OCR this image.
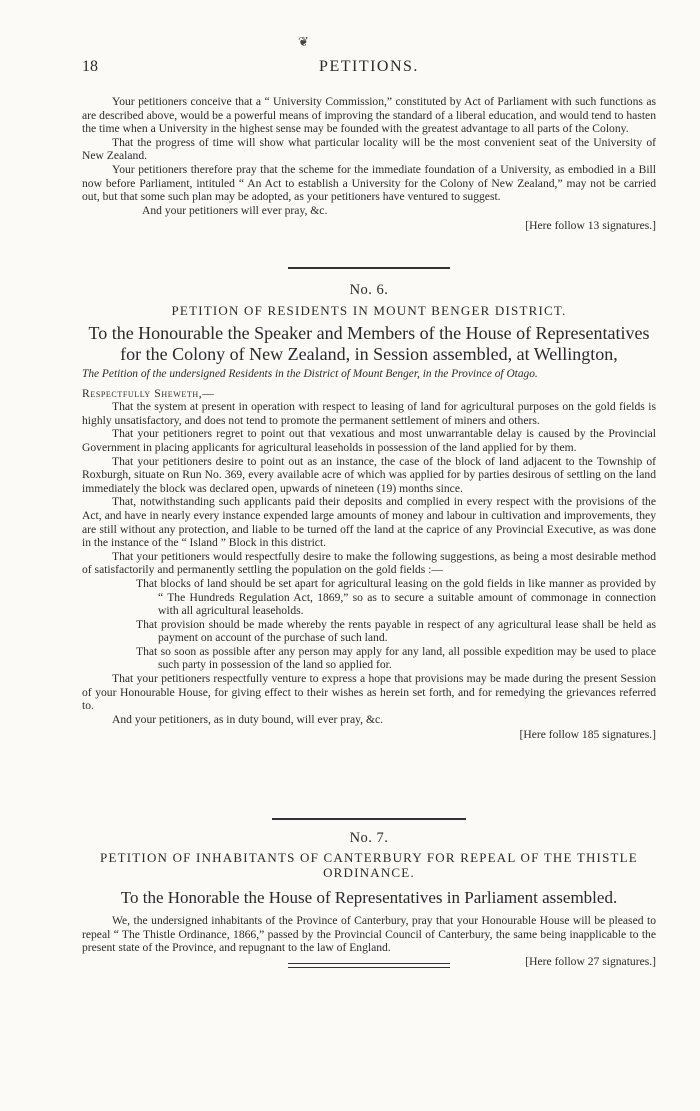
❦
18	PETITIONS.

Your petitioners conceive that a “ University Commission,” constituted by Act of Parliament with such functions as are described above, would be a powerful means of improving the standard of a liberal education, and would tend to hasten the time when a University in the highest sense may be founded with the greatest advantage to all parts of the Colony.

That the progress of time will show what particular locality will be the most convenient seat of the University of New Zealand.

Your petitioners therefore pray that the scheme for the immediate foundation of a University, as embodied in a Bill now before Parliament, intituled “ An Act to establish a University for the Colony of New Zealand,” may not be carried out, but that some such plan may be adopted, as your petitioners have ventured to suggest.

And your petitioners will ever pray, &c.

[Here follow 13 signatures.]

No. 6.
PETITION OF RESIDENTS IN MOUNT BENGER DISTRICT.

To the Honourable the Speaker and Members of the House of Representatives

for the Colony of New Zealand, in Session assembled, at Wellington,

The Petition of the undersigned Residents in the District of Mount Benger, in the Province of Otago.

Respectfully Sheweth,—

That the system at present in operation with respect to leasing of land for agricultural purposes on the gold fields is highly unsatisfactory, and does not tend to promote the permanent settlement of miners and others.

That your petitioners regret to point out that vexatious and most unwarrantable delay is caused by the Provincial Government in placing applicants for agricultural leaseholds in possession of the land applied for by them.

That your petitioners desire to point out as an instance, the case of the block of land adjacent to the Township of Roxburgh, situate on Run No. 369, every available acre of which was applied for by parties desirous of settling on the land immediately the block was declared open, upwards of nineteen (19) months since.

That, notwithstanding such applicants paid their deposits and complied in every respect with the provisions of the Act, and have in nearly every instance expended large amounts of money and labour in cultivation and improvements, they are still without any protection, and liable to be turned off the land at the caprice of any Provincial Executive, as was done in the instance of the “ Island ” Block in this district.

That your petitioners would respectfully desire to make the following suggestions, as being a most desirable method of satisfactorily and permanently settling the population on the gold fields :—

That blocks of land should be set apart for agricultural leasing on the gold fields in like manner as provided by “ The Hundreds Regulation Act, 1869,” so as to secure a suitable amount of commonage in connection with all agricultural leaseholds.

That provision should be made whereby the rents payable in respect of any agricultural lease shall be held as payment on account of the purchase of such land.

That so soon as possible after any person may apply for any land, all possible expedition may be used to place such party in possession of the land so applied for.

That your petitioners respectfully venture to express a hope that provisions may be made during the present Session of your Honourable House, for giving effect to their wishes as herein set forth, and for remedying the grievances referred to.

And your petitioners, as in duty bound, will ever pray, &c.

[Here follow 185 signatures.]

No. 7.
PETITION OF INHABITANTS OF CANTERBURY FOR REPEAL OF THE THISTLE
ORDINANCE.

To the Honorable the House of Representatives in Parliament assembled.

We, the undersigned inhabitants of the Province of Canterbury, pray that your Honourable House will be pleased to repeal “ The Thistle Ordinance, 1866,” passed by the Provincial Council of Canterbury, the same being inapplicable to the present state of the Province, and repugnant to the law of England.

[Here follow 27 signatures.]
